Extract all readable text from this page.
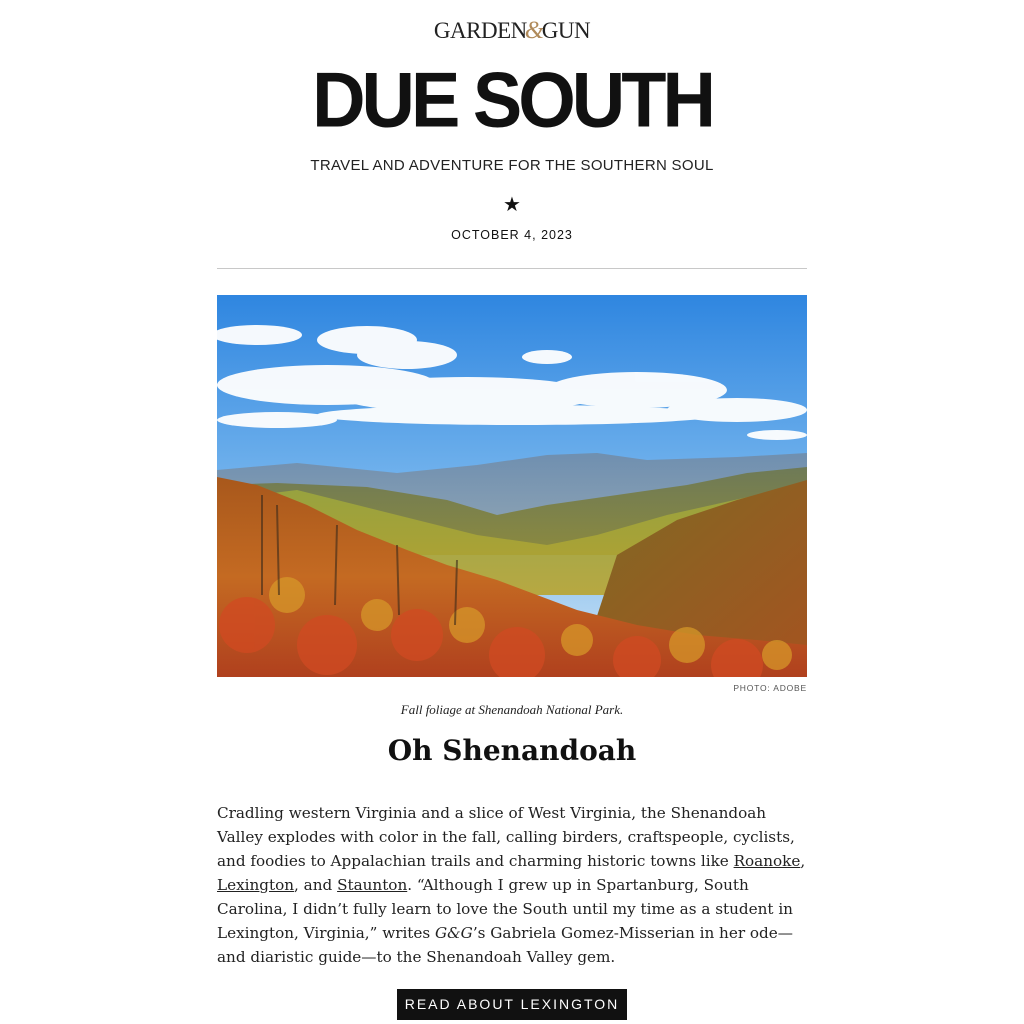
GARDEN&GUN
DUE SOUTH
TRAVEL AND ADVENTURE FOR THE SOUTHERN SOUL
★
OCTOBER 4, 2023
PHOTO: ADOBE
Fall foliage at Shenandoah National Park.
Oh Shenandoah
Cradling western Virginia and a slice of West Virginia, the Shenandoah Valley explodes with color in the fall, calling birders, craftspeople, cyclists, and foodies to Appalachian trails and charming historic towns like Roanoke, Lexington, and Staunton. “Although I grew up in Spartanburg, South Carolina, I didn’t fully learn to love the South until my time as a student in Lexington, Virginia,” writes G&G’s Gabriela Gomez-Misserian in her ode—and diaristic guide—to the Shenandoah Valley gem.
READ ABOUT LEXINGTON
